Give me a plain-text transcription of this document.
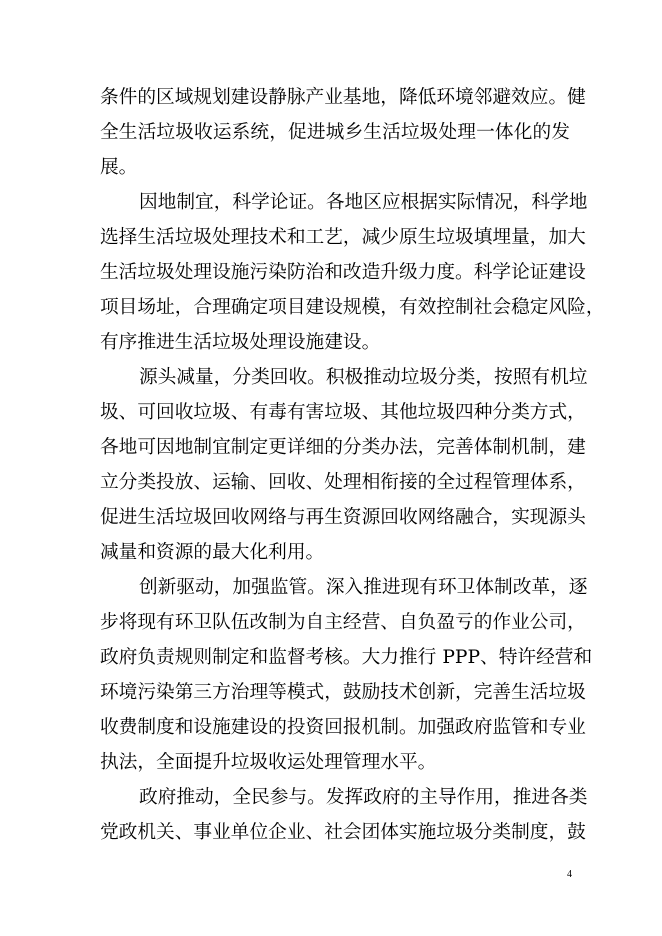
条件的区域规划建设静脉产业基地，降低环境邻避效应。健
全生活垃圾收运系统，促进城乡生活垃圾处理一体化的发
展。
因地制宜，科学论证。各地区应根据实际情况，科学地
选择生活垃圾处理技术和工艺，减少原生垃圾填埋量，加大
生活垃圾处理设施污染防治和改造升级力度。科学论证建设
项目场址，合理确定项目建设规模，有效控制社会稳定风险，
有序推进生活垃圾处理设施建设。
源头减量，分类回收。积极推动垃圾分类，按照有机垃
圾、可回收垃圾、有毒有害垃圾、其他垃圾四种分类方式，
各地可因地制宜制定更详细的分类办法，完善体制机制，建
立分类投放、运输、回收、处理相衔接的全过程管理体系，
促进生活垃圾回收网络与再生资源回收网络融合，实现源头
减量和资源的最大化利用。
创新驱动，加强监管。深入推进现有环卫体制改革，逐
步将现有环卫队伍改制为自主经营、自负盈亏的作业公司，
政府负责规则制定和监督考核。大力推行 PPP、特许经营和
环境污染第三方治理等模式，鼓励技术创新，完善生活垃圾
收费制度和设施建设的投资回报机制。加强政府监管和专业
执法，全面提升垃圾收运处理管理水平。
政府推动，全民参与。发挥政府的主导作用，推进各类
党政机关、事业单位企业、社会团体实施垃圾分类制度，鼓
4
